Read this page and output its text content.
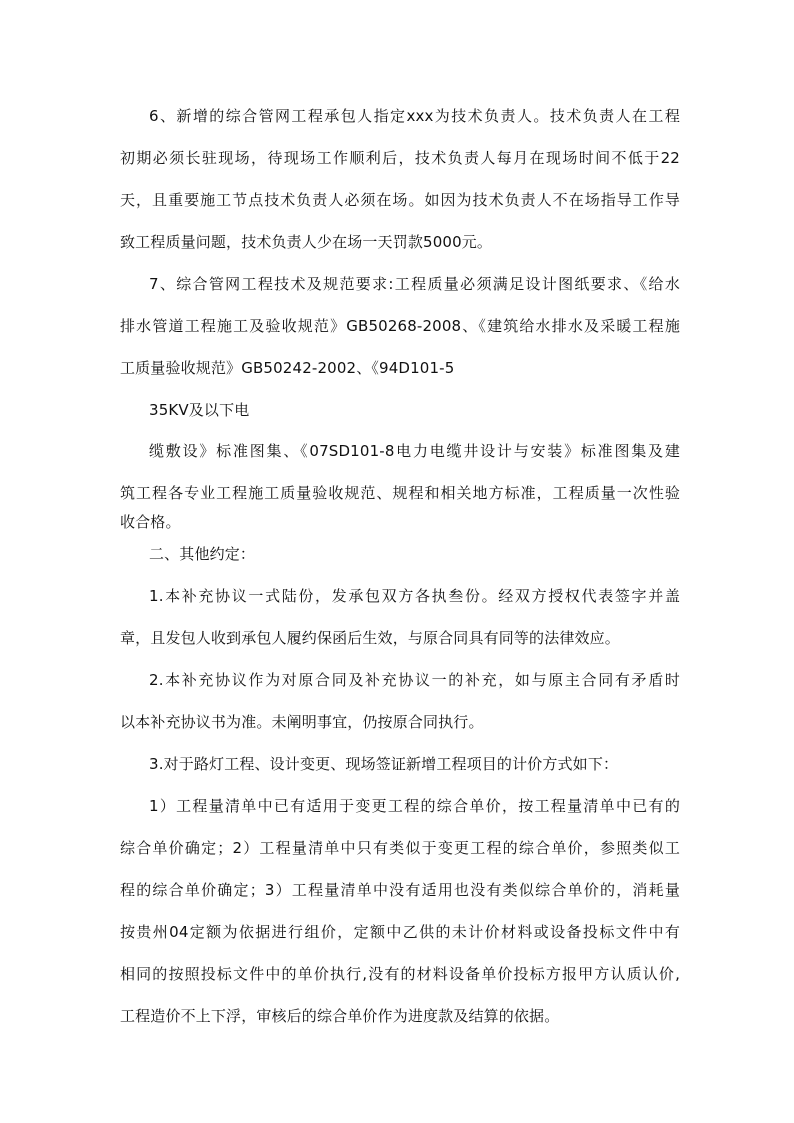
6、新增的综合管网工程承包人指定xxx为技术负责人。技术负责人在工程
初期必须长驻现场，待现场工作顺利后，技术负责人每月在现场时间不低于22
天，且重要施工节点技术负责人必须在场。如因为技术负责人不在场指导工作导
致工程质量问题，技术负责人少在场一天罚款5000元。
7、综合管网工程技术及规范要求:工程质量必须满足设计图纸要求、《给水
排水管道工程施工及验收规范》GB50268-2008、《建筑给水排水及采暖工程施
工质量验收规范》GB50242-2002、《94D101-5
35KV及以下电
缆敷设》标准图集、《07SD101-8电力电缆井设计与安装》标准图集及建
筑工程各专业工程施工质量验收规范、规程和相关地方标准，工程质量一次性验
收合格。
二、其他约定：
1.本补充协议一式陆份，发承包双方各执叁份。经双方授权代表签字并盖
章，且发包人收到承包人履约保函后生效，与原合同具有同等的法律效应。
2.本补充协议作为对原合同及补充协议一的补充，如与原主合同有矛盾时
以本补充协议书为准。未阐明事宜，仍按原合同执行。
3.对于路灯工程、设计变更、现场签证新增工程项目的计价方式如下：
1）工程量清单中已有适用于变更工程的综合单价，按工程量清单中已有的
综合单价确定；2）工程量清单中只有类似于变更工程的综合单价，参照类似工
程的综合单价确定；3）工程量清单中没有适用也没有类似综合单价的，消耗量
按贵州04定额为依据进行组价，定额中乙供的未计价材料或设备投标文件中有
相同的按照投标文件中的单价执行,没有的材料设备单价投标方报甲方认质认价,
工程造价不上下浮，审核后的综合单价作为进度款及结算的依据。
